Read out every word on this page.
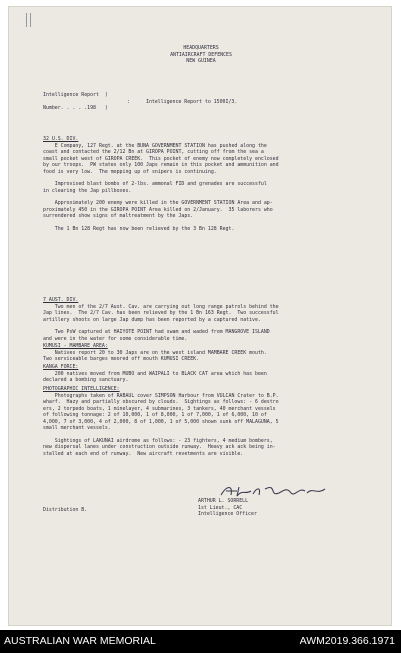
HEADQUARTERS
ANTIAIRCRAFT DEFENCES
NEW GUINEA
Intelligence Report  )
:	Intelligence Report to 1500I/3.
Number. . . . .198   )
32 U.S. DIV.
E Company, 127 Regt. at the BUNA GOVERNMENT STATION has pushed along the
coast and contacted the 2/12 Bn at GIROPA POINT, cutting off from the sea a
small pocket west of GIROPA CREEK.  This pocket of enemy now completely enclosed
by our troops.  PW states only 100 Japs remain in this pocket and ammunition and
food is very low.  The mopping up of snipers is continuing.
Improvised blast bombs of 2-lbs. ammonal FID and grenades are successful
in clearing the Jap pillboxes.
Approximately 200 enemy were killed in the GOVERNMENT STATION Area and ap-
proximately 450 in the GIROPA POINT Area killed on 2/January.  35 laborers who
surrendered show signs of maltreatment by the Japs.
The 1 Bn 128 Regt has now been relieved by the 3 Bn 128 Regt.
7 AUST. DIV.
Two men of the 2/7 Aust. Cav. are carrying out long range patrols behind the
Jap lines.  The 2/7 Cav. has been relieved by the 1 Bn 163 Regt.  Two successful
artillery shoots on large Jap dump has been reported by a captured native.
Two PsW captured at HAIYOTE POINT had swam and waded from MANGROVE ISLAND
and were in the water for some considerable time.
KUMUSI - MAMBARE AREA:
Natives report 20 to 30 Japs are on the west island MAMBARE CREEK mouth.
Two serviceable barges moored off mouth KUMUSI CREEK.
KANGA FORCE:
200 natives moved from MUBO and WAIPALI to BLACK CAT area which has been
declared a bombing sanctuary.
PHOTOGRAPHIC INTELLIGENCE:
Photographs taken of RABAUL cover SIMPSON Harbour from VULCAN Crater to B.P.
wharf.  Hazy and partially obscured by clouds.  Sightings as follows: - 6 destro
ers, 2 torpedo boats, 1 minelayer, 4 submarines, 3 tankers, 40 merchant vessels
of following tonnage: 2 of 10,000, 1 of 8,000, 1 of 7,000, 1 of 6,000, 10 of
4,000, 7 of 3,000, 4 of 2,000, 8 of 1,000, 1 of 5,000 shown sunk off MALAGUNA, 5
small merchant vessels.
Sightings of LAKUNAI airdrome as follows: - 23 fighters, 4 medium bombers,
new dispersal lanes under construction outside runway.  Heavy ack ack being in-
stalled at each end of runway.  New aircraft revetments are visible.
ARTHUR L. SORRELL
1st Lieut., CAC
Intelligence Officer
Distribution B.
AUSTRALIAN WAR MEMORIAL	AWM2019.366.1971
